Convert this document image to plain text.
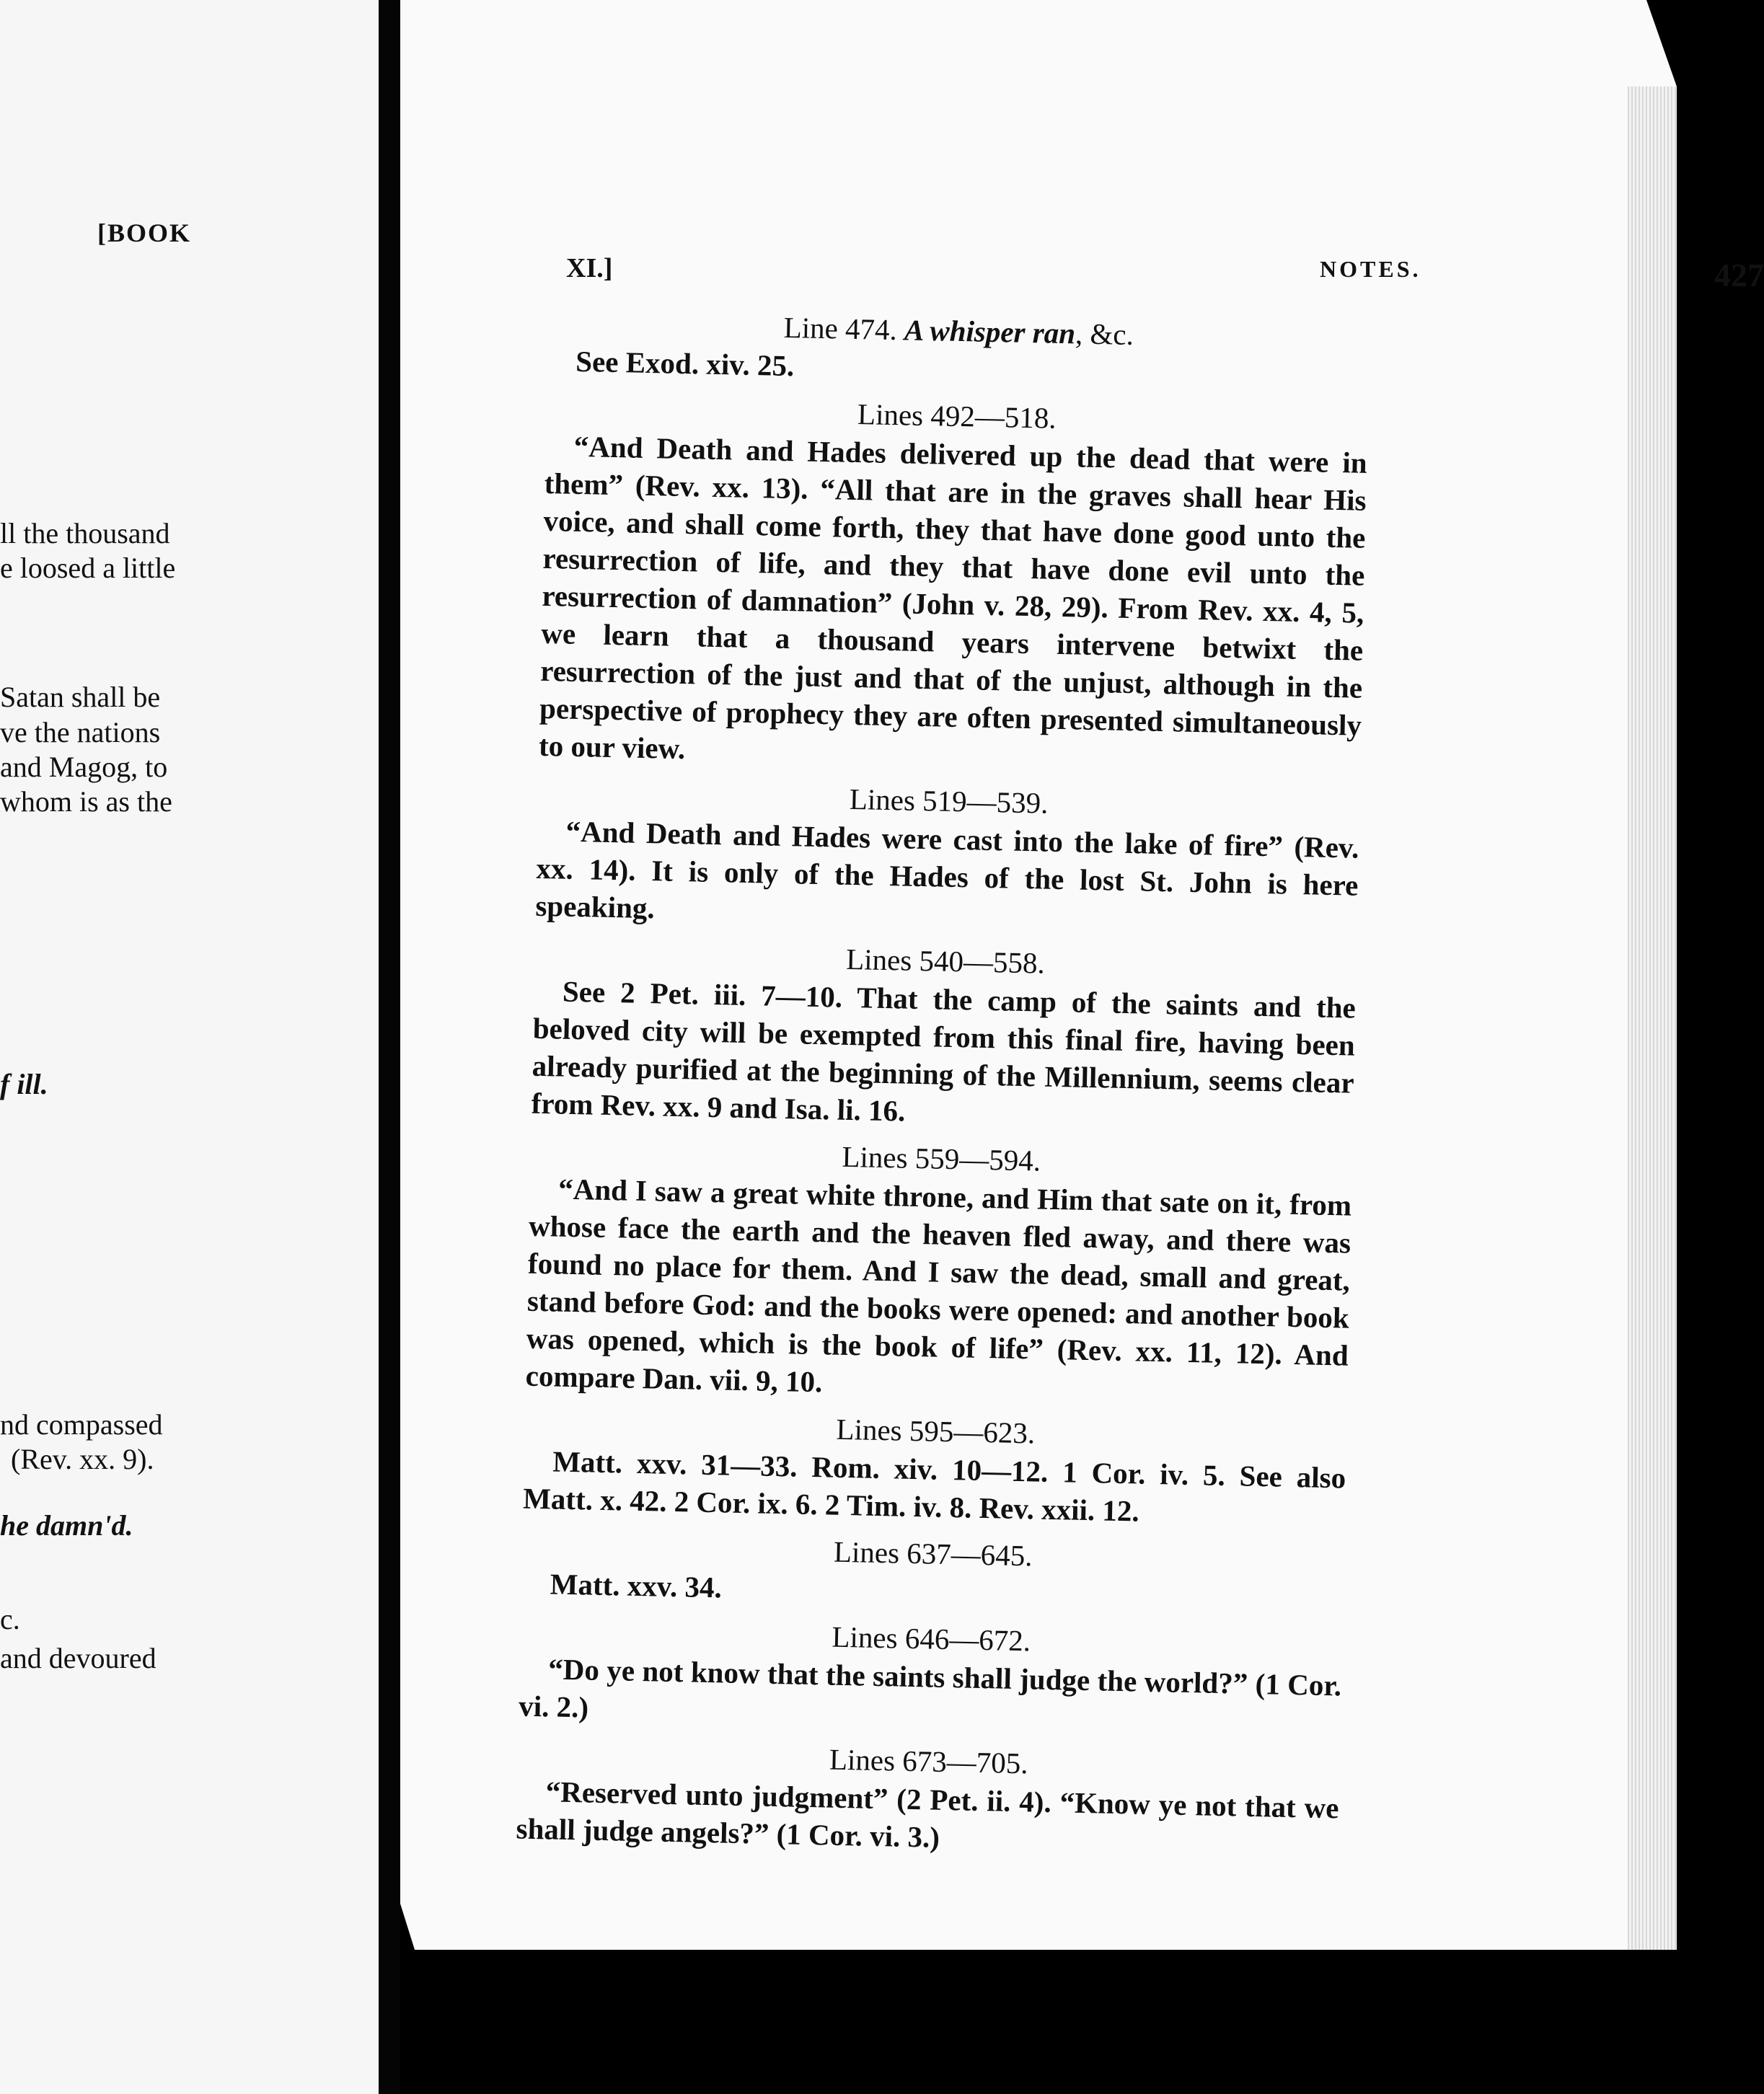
[BOOK
ll the thousand
e loosed a little
Satan shall be
ve the nations
and Magog, to
whom is as the
f ill.
nd compassed
(Rev. xx. 9).
he damn'd.
c.
and devoured
XI.]	NOTES.	427

Line 474. A whisper ran, &c.

See Exod. xiv. 25.

Lines 492—518.

“And Death and Hades delivered up the dead that were in them” (Rev. xx. 13). “All that are in the graves shall hear His voice, and shall come forth, they that have done good unto the resurrection of life, and they that have done evil unto the resurrection of damnation” (John v. 28, 29). From Rev. xx. 4, 5, we learn that a thousand years intervene betwixt the resurrection of the just and that of the unjust, although in the perspective of prophecy they are often presented simultaneously to our view.

Lines 519—539.

“And Death and Hades were cast into the lake of fire” (Rev. xx. 14). It is only of the Hades of the lost St. John is here speaking.

Lines 540—558.

See 2 Pet. iii. 7—10. That the camp of the saints and the beloved city will be exempted from this final fire, having been already purified at the beginning of the Millennium, seems clear from Rev. xx. 9 and Isa. li. 16.

Lines 559—594.

“And I saw a great white throne, and Him that sate on it, from whose face the earth and the heaven fled away, and there was found no place for them. And I saw the dead, small and great, stand before God: and the books were opened: and another book was opened, which is the book of life” (Rev. xx. 11, 12). And compare Dan. vii. 9, 10.

Lines 595—623.

Matt. xxv. 31—33. Rom. xiv. 10—12. 1 Cor. iv. 5. See also Matt. x. 42. 2 Cor. ix. 6. 2 Tim. iv. 8. Rev. xxii. 12.

Lines 637—645.

Matt. xxv. 34.

Lines 646—672.

“Do ye not know that the saints shall judge the world?” (1 Cor. vi. 2.)

Lines 673—705.

“Reserved unto judgment” (2 Pet. ii. 4). “Know ye not that we shall judge angels?” (1 Cor. vi. 3.)
